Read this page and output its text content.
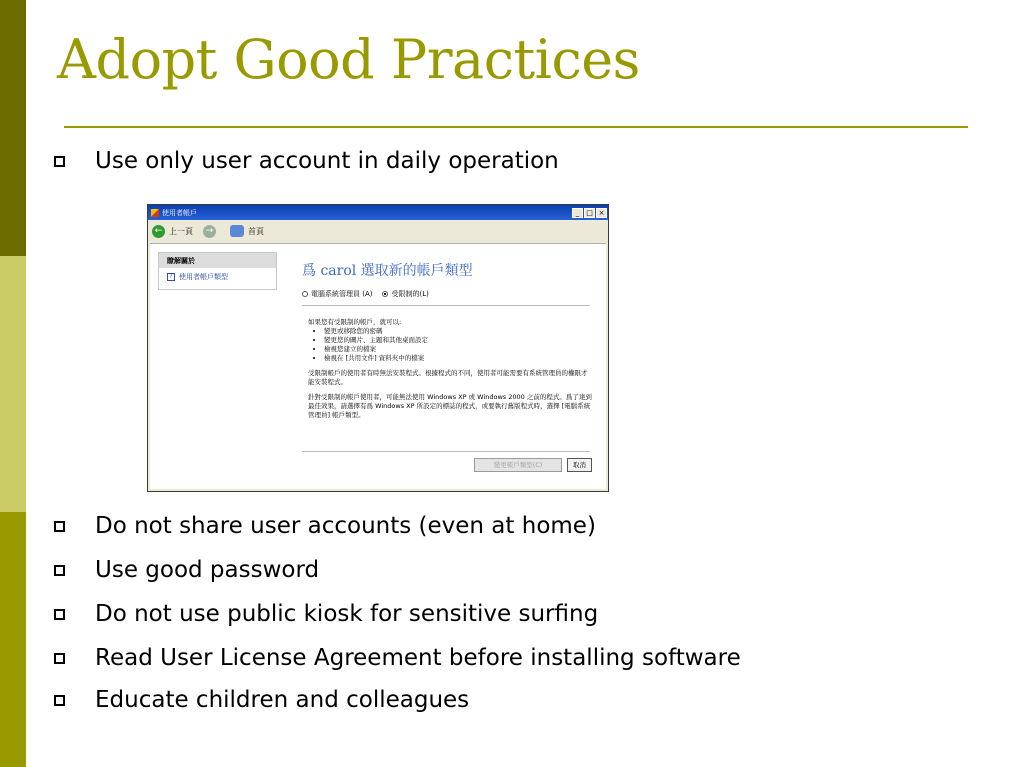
Adopt Good Practices
Use only user account in daily operation
使用者帳戶	_ □ ×
← 上一頁	→	首頁
瞭解關於
? 使用者帳戶類型	爲 carol 選取新的帳戶類型
電腦系統管理員 (A)	受限制的(L)

如果您有受限制的帳戶，就可以:

• 變更或移除您的密碼
• 變更您的圖片、主題和其他桌面設定
• 檢視您建立的檔案
• 檢視在 [共用文件] 資料夾中的檔案

受限制帳戶的使用者有時無法安裝程式。根據程式的不同，使用者可能需要有系統管理員的權限才能安裝程式。

針對受限制的帳戶使用者，可能無法使用 Windows XP 或 Windows 2000 之前的程式。爲了達到最佳效果，請選擇有爲 Windows XP 所設定的標誌的程式，或要執行舊版程式時，選擇 [電腦系統管理員] 帳戶類型。

變更帳戶類型(C)	取消
Do not share user accounts (even at home)
Use good password
Do not use public kiosk for sensitive surfing
Read User License Agreement before installing software
Educate children and colleagues
